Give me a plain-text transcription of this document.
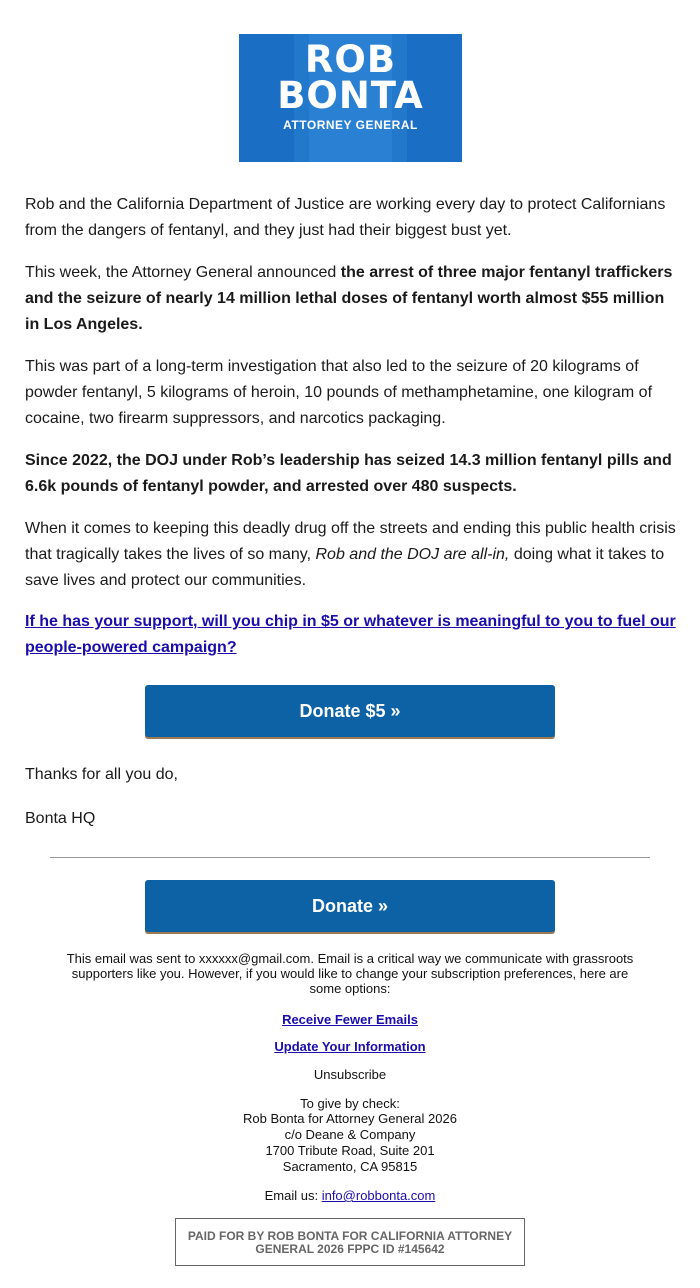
ROB
BONTA
ATTORNEY GENERAL

Rob and the California Department of Justice are working every day to protect Californians from the dangers of fentanyl, and they just had their biggest bust yet.

This week, the Attorney General announced the arrest of three major fentanyl traffickers and the seizure of nearly 14 million lethal doses of fentanyl worth almost $55 million in Los Angeles.

This was part of a long-term investigation that also led to the seizure of 20 kilograms of powder fentanyl, 5 kilograms of heroin, 10 pounds of methamphetamine, one kilogram of cocaine, two firearm suppressors, and narcotics packaging.

Since 2022, the DOJ under Rob’s leadership has seized 14.3 million fentanyl pills and 6.6k pounds of fentanyl powder, and arrested over 480 suspects.

When it comes to keeping this deadly drug off the streets and ending this public health crisis that tragically takes the lives of so many, Rob and the DOJ are all-in, doing what it takes to save lives and protect our communities.

If he has your support, will you chip in $5 or whatever is meaningful to you to fuel our people-powered campaign?

Donate $5 »
Thanks for all you do,
Bonta HQ
Donate »
This email was sent to xxxxxx@gmail.com. Email is a critical way we communicate with grassroots supporters like you. However, if you would like to change your subscription preferences, here are some options:
Receive Fewer Emails
Update Your Information
Unsubscribe
To give by check:
Rob Bonta for Attorney General 2026
c/o Deane & Company
1700 Tribute Road, Suite 201
Sacramento, CA 95815
Email us: info@robbonta.com
PAID FOR BY ROB BONTA FOR CALIFORNIA ATTORNEY GENERAL 2026 FPPC ID #145642
